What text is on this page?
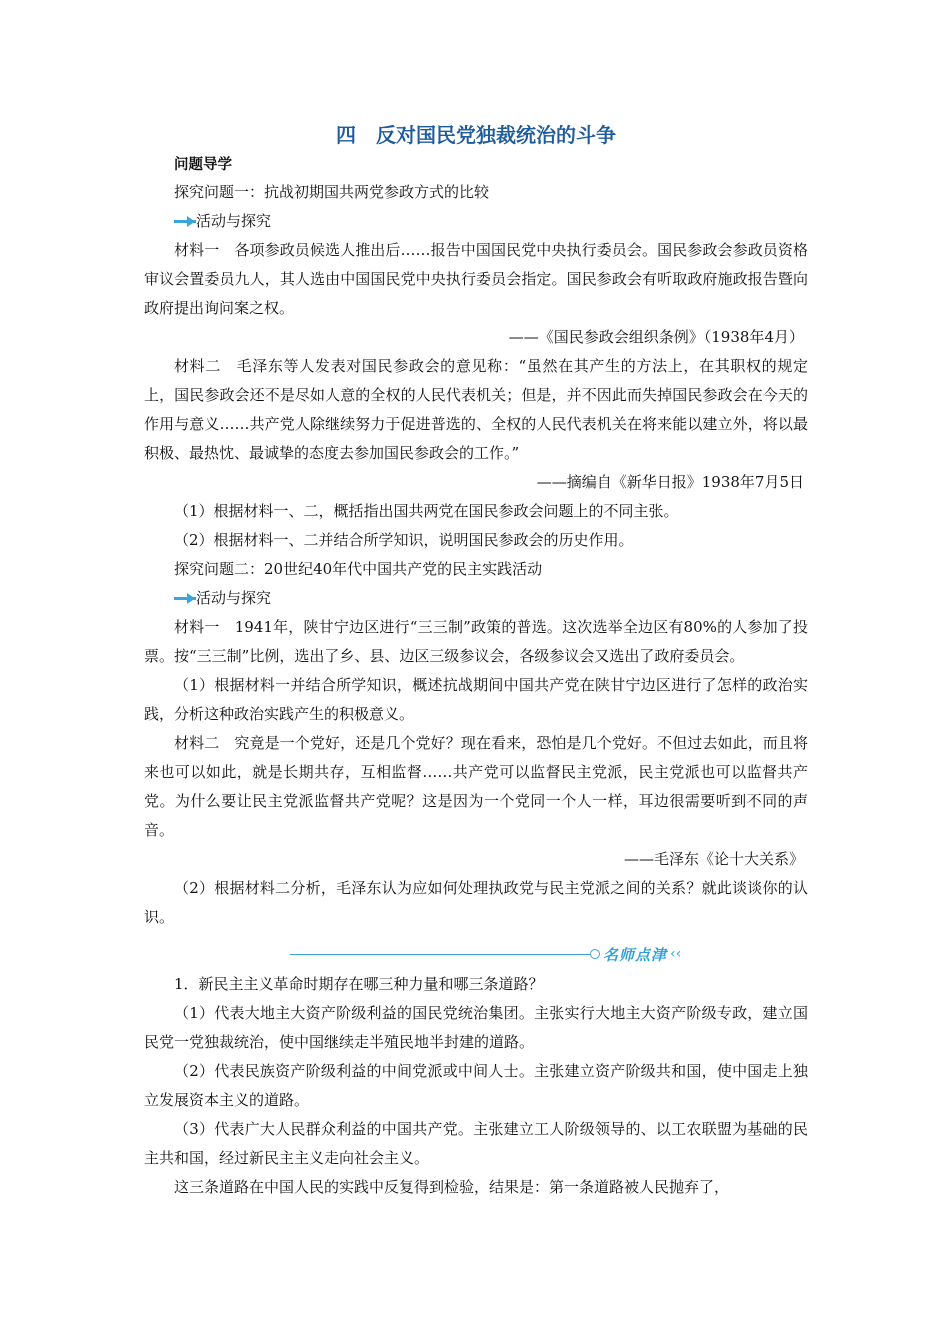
四　反对国民党独裁统治的斗争
问题导学

探究问题一：抗战初期国共两党参政方式的比较

活动与探究

材料一　各项参政员候选人推出后……报告中国国民党中央执行委员会。国民参政会参政员资格审议会置委员九人，其人选由中国国民党中央执行委员会指定。国民参政会有听取政府施政报告暨向政府提出询问案之权。

——《国民参政会组织条例》（1938年4月）

材料二　毛泽东等人发表对国民参政会的意见称：“虽然在其产生的方法上，在其职权的规定上，国民参政会还不是尽如人意的全权的人民代表机关；但是，并不因此而失掉国民参政会在今天的作用与意义……共产党人除继续努力于促进普选的、全权的人民代表机关在将来能以建立外，将以最积极、最热忱、最诚挚的态度去参加国民参政会的工作。”

——摘编自《新华日报》1938年7月5日

（1）根据材料一、二，概括指出国共两党在国民参政会问题上的不同主张。

（2）根据材料一、二并结合所学知识，说明国民参政会的历史作用。

探究问题二：20世纪40年代中国共产党的民主实践活动

活动与探究

材料一　1941年，陕甘宁边区进行“三三制”政策的普选。这次选举全边区有80%的人参加了投票。按“三三制”比例，选出了乡、县、边区三级参议会，各级参议会又选出了政府委员会。

（1）根据材料一并结合所学知识，概述抗战期间中国共产党在陕甘宁边区进行了怎样的政治实践，分析这种政治实践产生的积极意义。

材料二　究竟是一个党好，还是几个党好？现在看来，恐怕是几个党好。不但过去如此，而且将来也可以如此，就是长期共存，互相监督……共产党可以监督民主党派，民主党派也可以监督共产党。为什么要让民主党派监督共产党呢？这是因为一个党同一个人一样，耳边很需要听到不同的声音。

——毛泽东《论十大关系》

（2）根据材料二分析，毛泽东认为应如何处理执政党与民主党派之间的关系？就此谈谈你的认识。

名师点津 ‹‹

1．新民主主义革命时期存在哪三种力量和哪三条道路？

（1）代表大地主大资产阶级利益的国民党统治集团。主张实行大地主大资产阶级专政，建立国民党一党独裁统治，使中国继续走半殖民地半封建的道路。

（2）代表民族资产阶级利益的中间党派或中间人士。主张建立资产阶级共和国，使中国走上独立发展资本主义的道路。

（3）代表广大人民群众利益的中国共产党。主张建立工人阶级领导的、以工农联盟为基础的民主共和国，经过新民主主义走向社会主义。

这三条道路在中国人民的实践中反复得到检验，结果是：第一条道路被人民抛弃了，
